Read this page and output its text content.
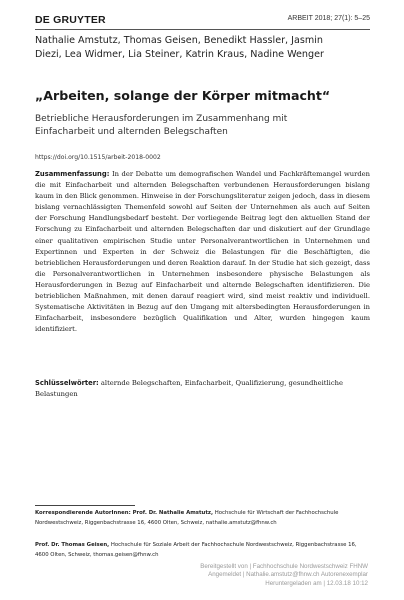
DE GRUYTER	ARBEIT 2018; 27(1): 5–25
Nathalie Amstutz, Thomas Geisen, Benedikt Hassler, Jasmin
Diezi, Lea Widmer, Lia Steiner, Katrin Kraus, Nadine Wenger
„Arbeiten, solange der Körper mitmacht“
Betriebliche Herausforderungen im Zusammenhang mit
Einfacharbeit und alternden Belegschaften
https://doi.org/10.1515/arbeit-2018-0002
Zusammenfassung: In der Debatte um demografischen Wandel und Fachkräftemangel wurden die mit Einfacharbeit und alternden Belegschaften verbundenen Herausforderungen bislang kaum in den Blick genommen. Hinweise in der Forschungsliteratur zeigen jedoch, dass in diesem bislang vernachlässigten Themenfeld sowohl auf Seiten der Unternehmen als auch auf Seiten der Forschung Handlungsbedarf besteht. Der vorliegende Beitrag legt den aktuellen Stand der Forschung zu Einfacharbeit und alternden Belegschaften dar und diskutiert auf der Grundlage einer qualitativen empirischen Studie unter Personalverantwortlichen in Unternehmen und Expertinnen und Experten in der Schweiz die Belastungen für die Beschäftigten, die betrieblichen Herausforderungen und deren Reaktion darauf. In der Studie hat sich gezeigt, dass die Personalverantwortlichen in Unternehmen insbesondere physische Belastungen als Herausforderungen in Bezug auf Einfacharbeit und alternde Belegschaften identifizieren. Die betrieblichen Maßnahmen, mit denen darauf reagiert wird, sind meist reaktiv und individuell. Systematische Aktivitäten in Bezug auf den Umgang mit altersbedingten Herausforderungen in Einfacharbeit, insbesondere bezüglich Qualifikation und Alter, wurden hingegen kaum identifiziert.
Schlüsselwörter: alternde Belegschaften, Einfacharbeit, Qualifizierung, gesundheitliche Belastungen
Korrespondierende AutorInnen: Prof. Dr. Nathalie Amstutz, Hochschule für Wirtschaft der Fachhochschule Nordwestschweiz, Riggenbachstrasse 16, 4600 Olten, Schweiz, nathalie.amstutz@fhnw.ch
Prof. Dr. Thomas Geisen, Hochschule für Soziale Arbeit der Fachhochschule Nordwestschweiz, Riggenbachstrasse 16, 4600 Olten, Schweiz, thomas.geisen@fhnw.ch
Bereitgestellt von | Fachhochschule Nordwestschweiz FHNW
Angemeldet | Nathalie.amstutz@fhnw.ch Autorenexemplar
Heruntergeladen am | 12.03.18 10:12
